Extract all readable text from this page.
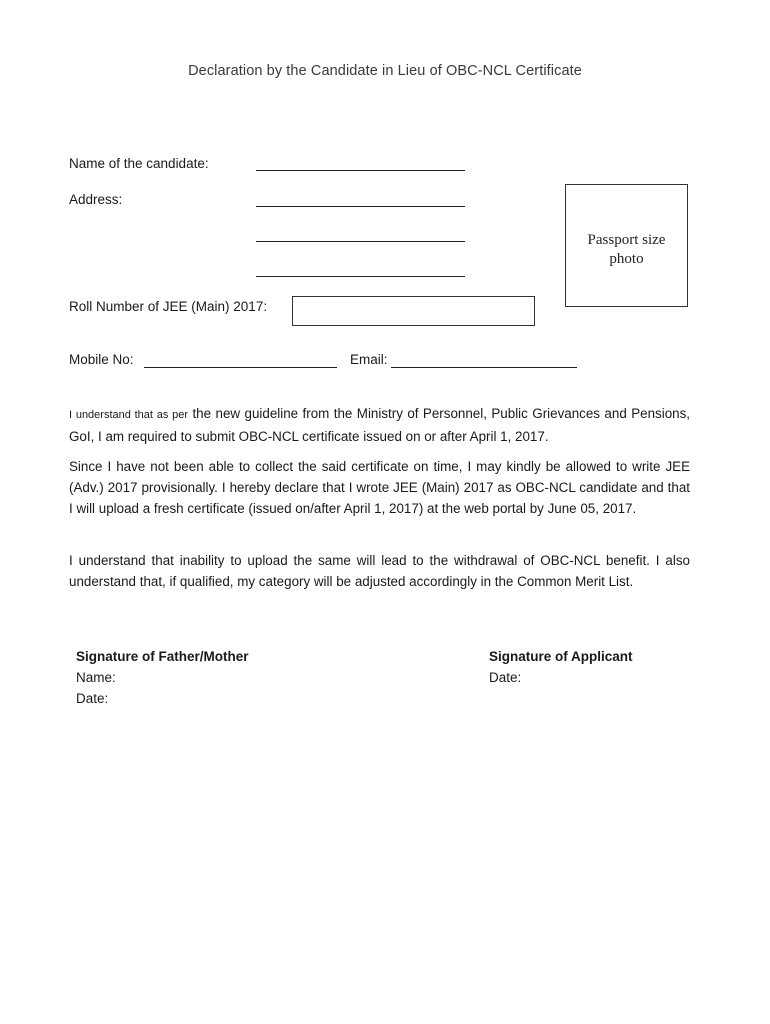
Declaration by the Candidate in Lieu of OBC-NCL Certificate
Name of the candidate:
Address:
Passport size
photo
Roll Number of JEE (Main) 2017:
Mobile No:	Email:
I understand that as per the new guideline from the Ministry of Personnel, Public Grievances and Pensions, GoI, I am required to submit OBC-NCL certificate issued on or after April 1, 2017.
Since I have not been able to collect the said certificate on time, I may kindly be allowed to write JEE (Adv.) 2017 provisionally. I hereby declare that I wrote JEE (Main) 2017 as OBC-NCL candidate and that I will upload a fresh certificate (issued on/after April 1, 2017) at the web portal by June 05, 2017.
I understand that inability to upload the same will lead to the withdrawal of OBC-NCL benefit. I also understand that, if qualified, my category will be adjusted accordingly in the Common Merit List.
Signature of Father/Mother
Name:
Date:
Signature of Applicant
Date:
